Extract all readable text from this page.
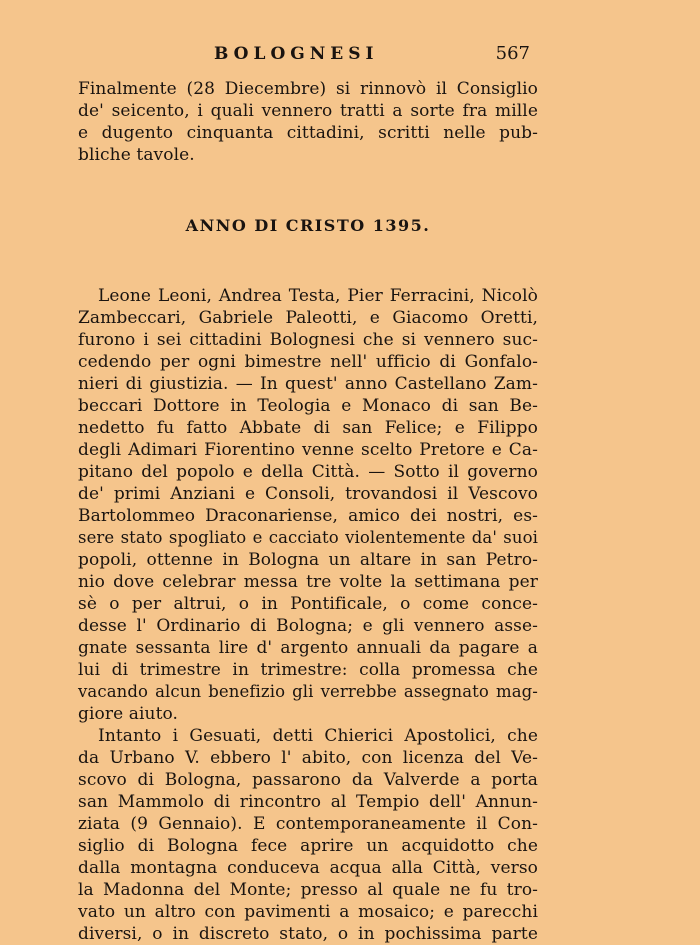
BOLOGNESI	567
Finalmente (28 Diecembre) si rinnovò il Consiglio
de' seicento, i quali vennero tratti a sorte fra mille
e dugento cinquanta cittadini, scritti nelle pub-
bliche tavole.
ANNO DI CRISTO 1395.
Leone Leoni, Andrea Testa, Pier Ferracini, Nicolò
Zambeccari, Gabriele Paleotti, e Giacomo Oretti,
furono i sei cittadini Bolognesi che si vennero suc-
cedendo per ogni bimestre nell' ufficio di Gonfalo-
nieri di giustizia. — In quest' anno Castellano Zam-
beccari Dottore in Teologia e Monaco di san Be-
nedetto fu fatto Abbate di san Felice; e Filippo
degli Adimari Fiorentino venne scelto Pretore e Ca-
pitano del popolo e della Città. — Sotto il governo
de' primi Anziani e Consoli, trovandosi il Vescovo
Bartolommeo Draconariense, amico dei nostri, es-
sere stato spogliato e cacciato violentemente da' suoi
popoli, ottenne in Bologna un altare in san Petro-
nio dove celebrar messa tre volte la settimana per
sè o per altrui, o in Pontificale, o come conce-
desse l' Ordinario di Bologna; e gli vennero asse-
gnate sessanta lire d' argento annuali da pagare a
lui di trimestre in trimestre: colla promessa che
vacando alcun benefizio gli verrebbe assegnato mag-
giore aiuto.
Intanto i Gesuati, detti Chierici Apostolici, che
da Urbano V. ebbero l' abito, con licenza del Ve-
scovo di Bologna, passarono da Valverde a porta
san Mammolo di rincontro al Tempio dell' Annun-
ziata (9 Gennaio). E contemporaneamente il Con-
siglio di Bologna fece aprire un acquidotto che
dalla montagna conduceva acqua alla Città, verso
la Madonna del Monte; presso al quale ne fu tro-
vato un altro con pavimenti a mosaico; e parecchi
diversi, o in discreto stato, o in pochissima parte
